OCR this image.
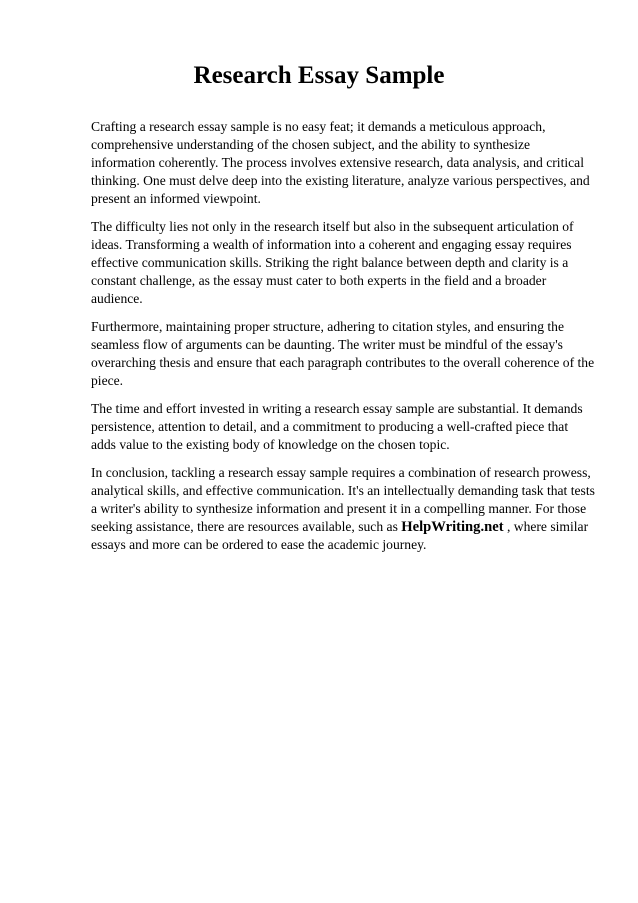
Research Essay Sample

Crafting a research essay sample is no easy feat; it demands a meticulous approach, comprehensive understanding of the chosen subject, and the ability to synthesize information coherently. The process involves extensive research, data analysis, and critical thinking. One must delve deep into the existing literature, analyze various perspectives, and present an informed viewpoint.

The difficulty lies not only in the research itself but also in the subsequent articulation of ideas. Transforming a wealth of information into a coherent and engaging essay requires effective communication skills. Striking the right balance between depth and clarity is a constant challenge, as the essay must cater to both experts in the field and a broader audience.

Furthermore, maintaining proper structure, adhering to citation styles, and ensuring the seamless flow of arguments can be daunting. The writer must be mindful of the essay's overarching thesis and ensure that each paragraph contributes to the overall coherence of the piece.

The time and effort invested in writing a research essay sample are substantial. It demands persistence, attention to detail, and a commitment to producing a well-crafted piece that adds value to the existing body of knowledge on the chosen topic.

In conclusion, tackling a research essay sample requires a combination of research prowess, analytical skills, and effective communication. It's an intellectually demanding task that tests a writer's ability to synthesize information and present it in a compelling manner. For those seeking assistance, there are resources available, such as HelpWriting.net , where similar essays and more can be ordered to ease the academic journey.
